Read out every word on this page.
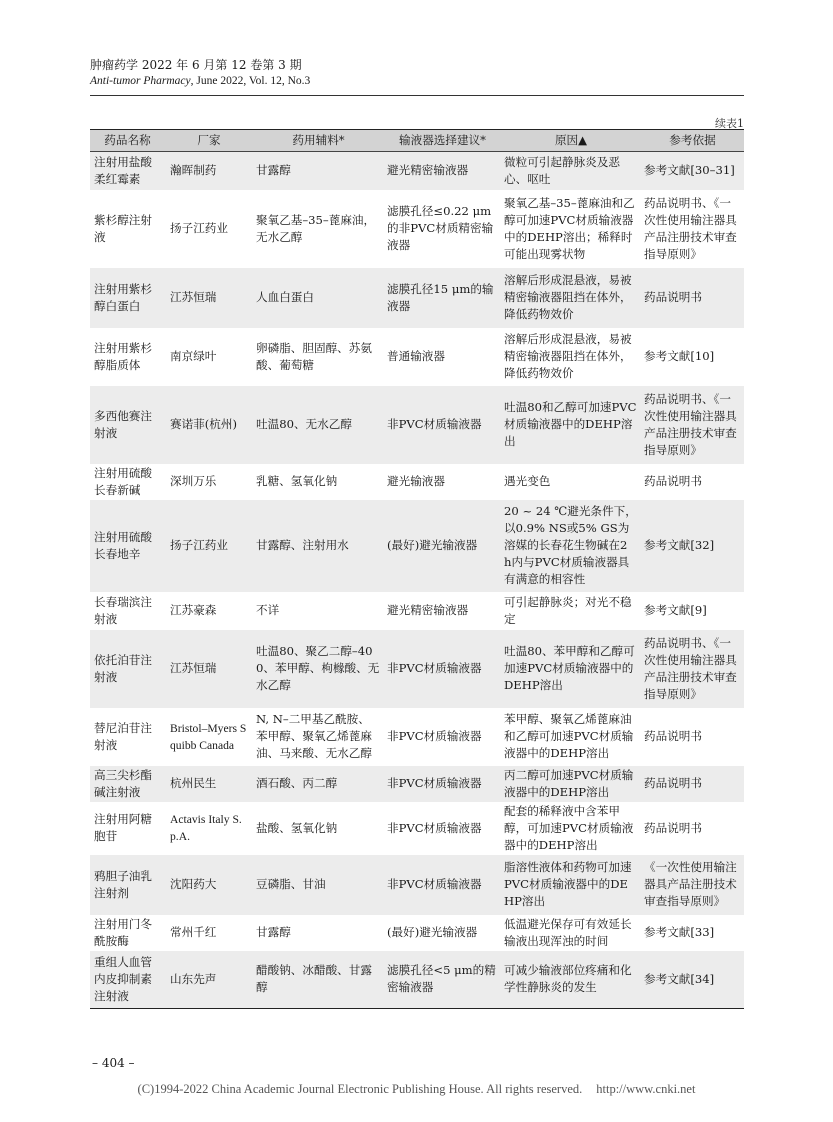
肿瘤药学 2022 年 6 月第 12 卷第 3 期
Anti-tumor Pharmacy, June 2022, Vol. 12, No.3
续表1
药品名称	厂家	药用辅料*	输液器选择建议*	原因▲	参考依据
注射用盐酸柔红霉素	瀚晖制药	甘露醇	避光精密输液器	微粒可引起静脉炎及恶心、呕吐	参考文献[30–31]
紫杉醇注射液	扬子江药业	聚氧乙基–35–蓖麻油，无水乙醇	滤膜孔径≤0.22 μm的非PVC材质精密输液器	聚氧乙基–35–蓖麻油和乙醇可加速PVC材质输液器中的DEHP溶出；稀释时可能出现雾状物	药品说明书、《一次性使用输注器具产品注册技术审查指导原则》
注射用紫杉醇白蛋白	江苏恒瑞	人血白蛋白	滤膜孔径15 μm的输液器	溶解后形成混悬液，易被精密输液器阻挡在体外，降低药物效价	药品说明书
注射用紫杉醇脂质体	南京绿叶	卵磷脂、胆固醇、苏氨酸、葡萄糖	普通输液器	溶解后形成混悬液，易被精密输液器阻挡在体外，降低药物效价	参考文献[10]
多西他赛注射液	赛诺菲(杭州)	吐温80、无水乙醇	非PVC材质输液器	吐温80和乙醇可加速PVC材质输液器中的DEHP溶出	药品说明书、《一次性使用输注器具产品注册技术审查指导原则》
注射用硫酸长春新碱	深圳万乐	乳糖、氢氧化钠	避光输液器	遇光变色	药品说明书
注射用硫酸长春地辛	扬子江药业	甘露醇、注射用水	(最好)避光输液器	20 ~ 24 ℃避光条件下，以0.9% NS或5% GS为溶媒的长春花生物碱在2 h内与PVC材质输液器具有满意的相容性	参考文献[32]
长春瑞滨注射液	江苏豪森	不详	避光精密输液器	可引起静脉炎；对光不稳定	参考文献[9]
依托泊苷注射液	江苏恒瑞	吐温80、聚乙二醇–400、苯甲醇、枸橼酸、无水乙醇	非PVC材质输液器	吐温80、苯甲醇和乙醇可加速PVC材质输液器中的DEHP溶出	药品说明书、《一次性使用输注器具产品注册技术审查指导原则》
替尼泊苷注射液	Bristol–Myers Squibb Canada	N, N–二甲基乙酰胺、苯甲醇、聚氧乙烯蓖麻油、马来酸、无水乙醇	非PVC材质输液器	苯甲醇、聚氧乙烯蓖麻油和乙醇可加速PVC材质输液器中的DEHP溶出	药品说明书
高三尖杉酯碱注射液	杭州民生	酒石酸、丙二醇	非PVC材质输液器	丙二醇可加速PVC材质输液器中的DEHP溶出	药品说明书
注射用阿糖胞苷	Actavis Italy S.p.A.	盐酸、氢氧化钠	非PVC材质输液器	配套的稀释液中含苯甲醇，可加速PVC材质输液器中的DEHP溶出	药品说明书
鸦胆子油乳注射剂	沈阳药大	豆磷脂、甘油	非PVC材质输液器	脂溶性液体和药物可加速PVC材质输液器中的DEHP溶出	《一次性使用输注器具产品注册技术审查指导原则》
注射用门冬酰胺酶	常州千红	甘露醇	(最好)避光输液器	低温避光保存可有效延长输液出现浑浊的时间	参考文献[33]
重组人血管内皮抑制素注射液	山东先声	醋酸钠、冰醋酸、甘露醇	滤膜孔径<5 μm的精密输液器	可减少输液部位疼痛和化学性静脉炎的发生	参考文献[34]
– 404 –
(C)1994-2022 China Academic Journal Electronic Publishing House. All rights reserved. http://www.cnki.net
